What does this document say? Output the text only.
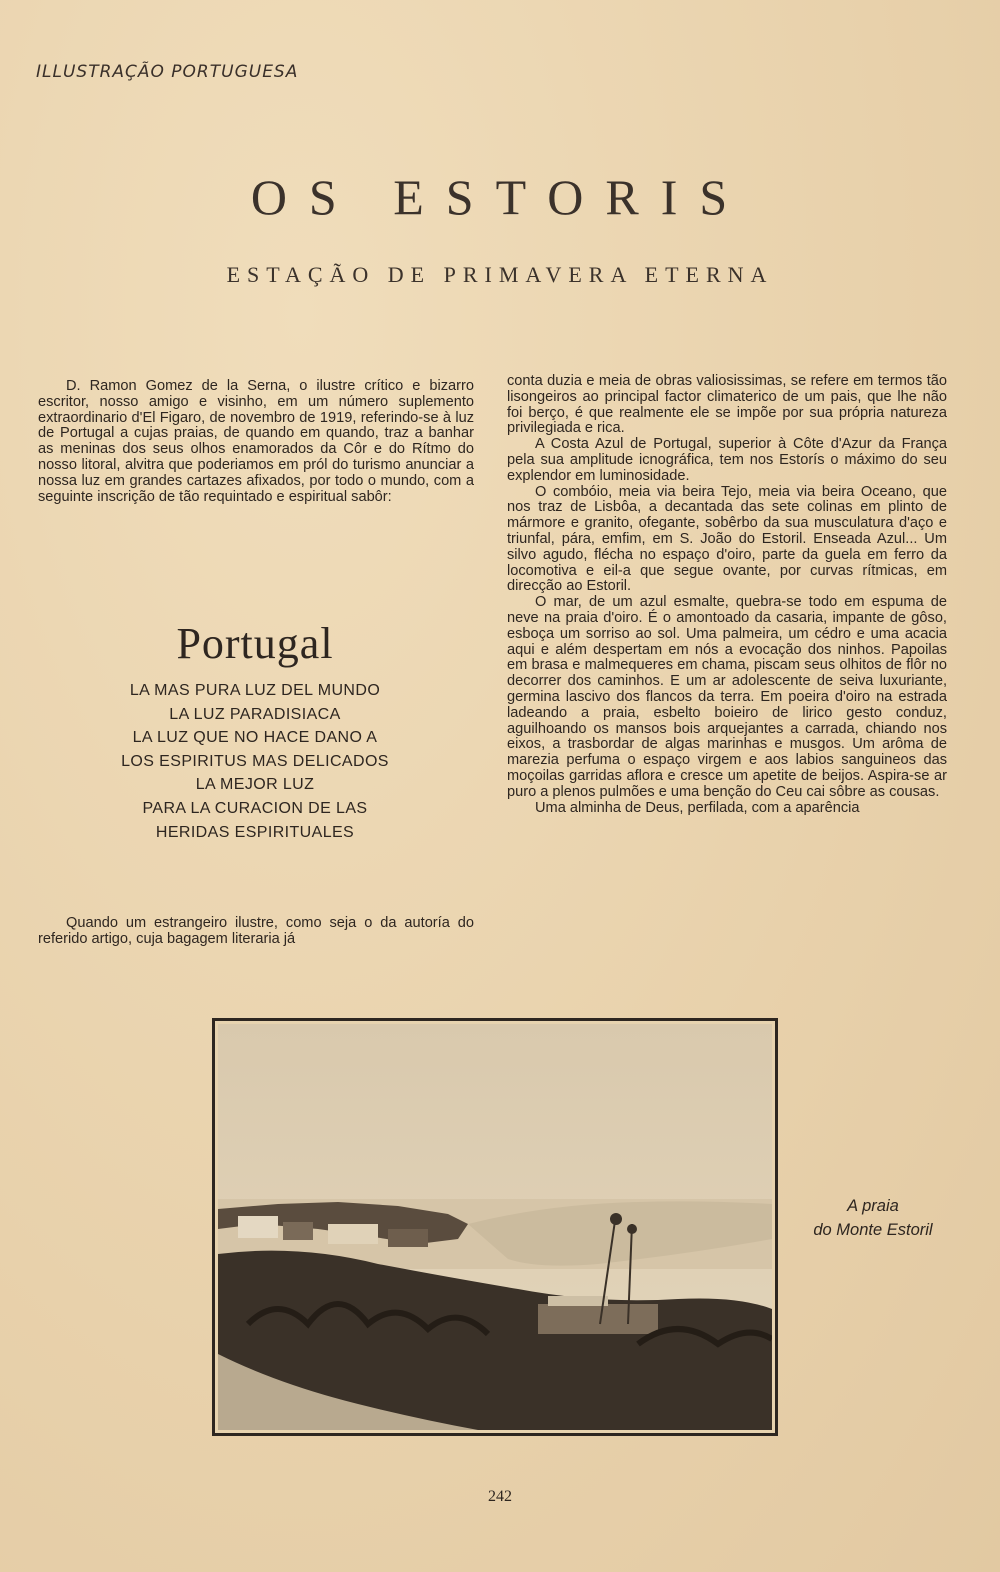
ILLUSTRAÇÃO PORTUGUESA
OS ESTORIS
ESTAÇÃO DE PRIMAVERA ETERNA

D. Ramon Gomez de la Serna, o ilustre crítico e bizarro escritor, nosso amigo e visinho, em um número suplemento extraordinario d'El Figaro, de novembro de 1919, referindo-se à luz de Portugal a cujas praias, de quando em quando, traz a banhar as meninas dos seus olhos enamorados da Côr e do Rítmo do nosso litoral, alvitra que poderiamos em pról do turismo anunciar a nossa luz em grandes cartazes afixados, por todo o mundo, com a seguinte inscrição de tão requintado e espiritual sabôr:

Portugal
LA MAS PURA LUZ DEL MUNDO
LA LUZ PARADISIACA
LA LUZ QUE NO HACE DANO A
LOS ESPIRITUS MAS DELICADOS
LA MEJOR LUZ
PARA LA CURACION DE LAS
HERIDAS ESPIRITUALES

Quando um estrangeiro ilustre, como seja o da autoría do referido artigo, cuja bagagem literaria já

conta duzia e meia de obras valiosissimas, se refere em termos tão lisongeiros ao principal factor climaterico de um pais, que lhe não foi berço, é que realmente ele se impõe por sua própria natureza privilegiada e rica.

A Costa Azul de Portugal, superior à Côte d'Azur da França pela sua amplitude icnográfica, tem nos Estorís o máximo do seu explendor em luminosidade.

O combóio, meia via beira Tejo, meia via beira Oceano, que nos traz de Lisbôa, a decantada das sete colinas em plinto de mármore e granito, ofegante, sobêrbo da sua musculatura d'aço e triunfal, pára, emfim, em S. João do Estoril. Enseada Azul... Um silvo agudo, flécha no espaço d'oiro, parte da guela em ferro da locomotiva e eil-a que segue ovante, por curvas rítmicas, em direcção ao Estoril.

O mar, de um azul esmalte, quebra-se todo em espuma de neve na praia d'oiro. É o amontoado da casaria, impante de gôso, esboça um sorriso ao sol. Uma palmeira, um cédro e uma acacia aqui e além despertam em nós a evocação dos ninhos. Papoilas em brasa e malmequeres em chama, piscam seus olhitos de flôr no decorrer dos caminhos. E um ar adolescente de seiva luxuriante, germina lascivo dos flancos da terra. Em poeira d'oiro na estrada ladeando a praia, esbelto boieiro de lirico gesto conduz, aguilhoando os mansos bois arquejantes a carrada, chiando nos eixos, a trasbordar de algas marinhas e musgos. Um arôma de marezia perfuma o espaço virgem e aos labios sanguineos das moçoilas garridas aflora e cresce um apetite de beijos. Aspira-se ar puro a plenos pulmões e uma benção do Ceu cai sôbre as cousas.

Uma alminha de Deus, perfilada, com a aparência

A praia
do Monte Estoril
242
